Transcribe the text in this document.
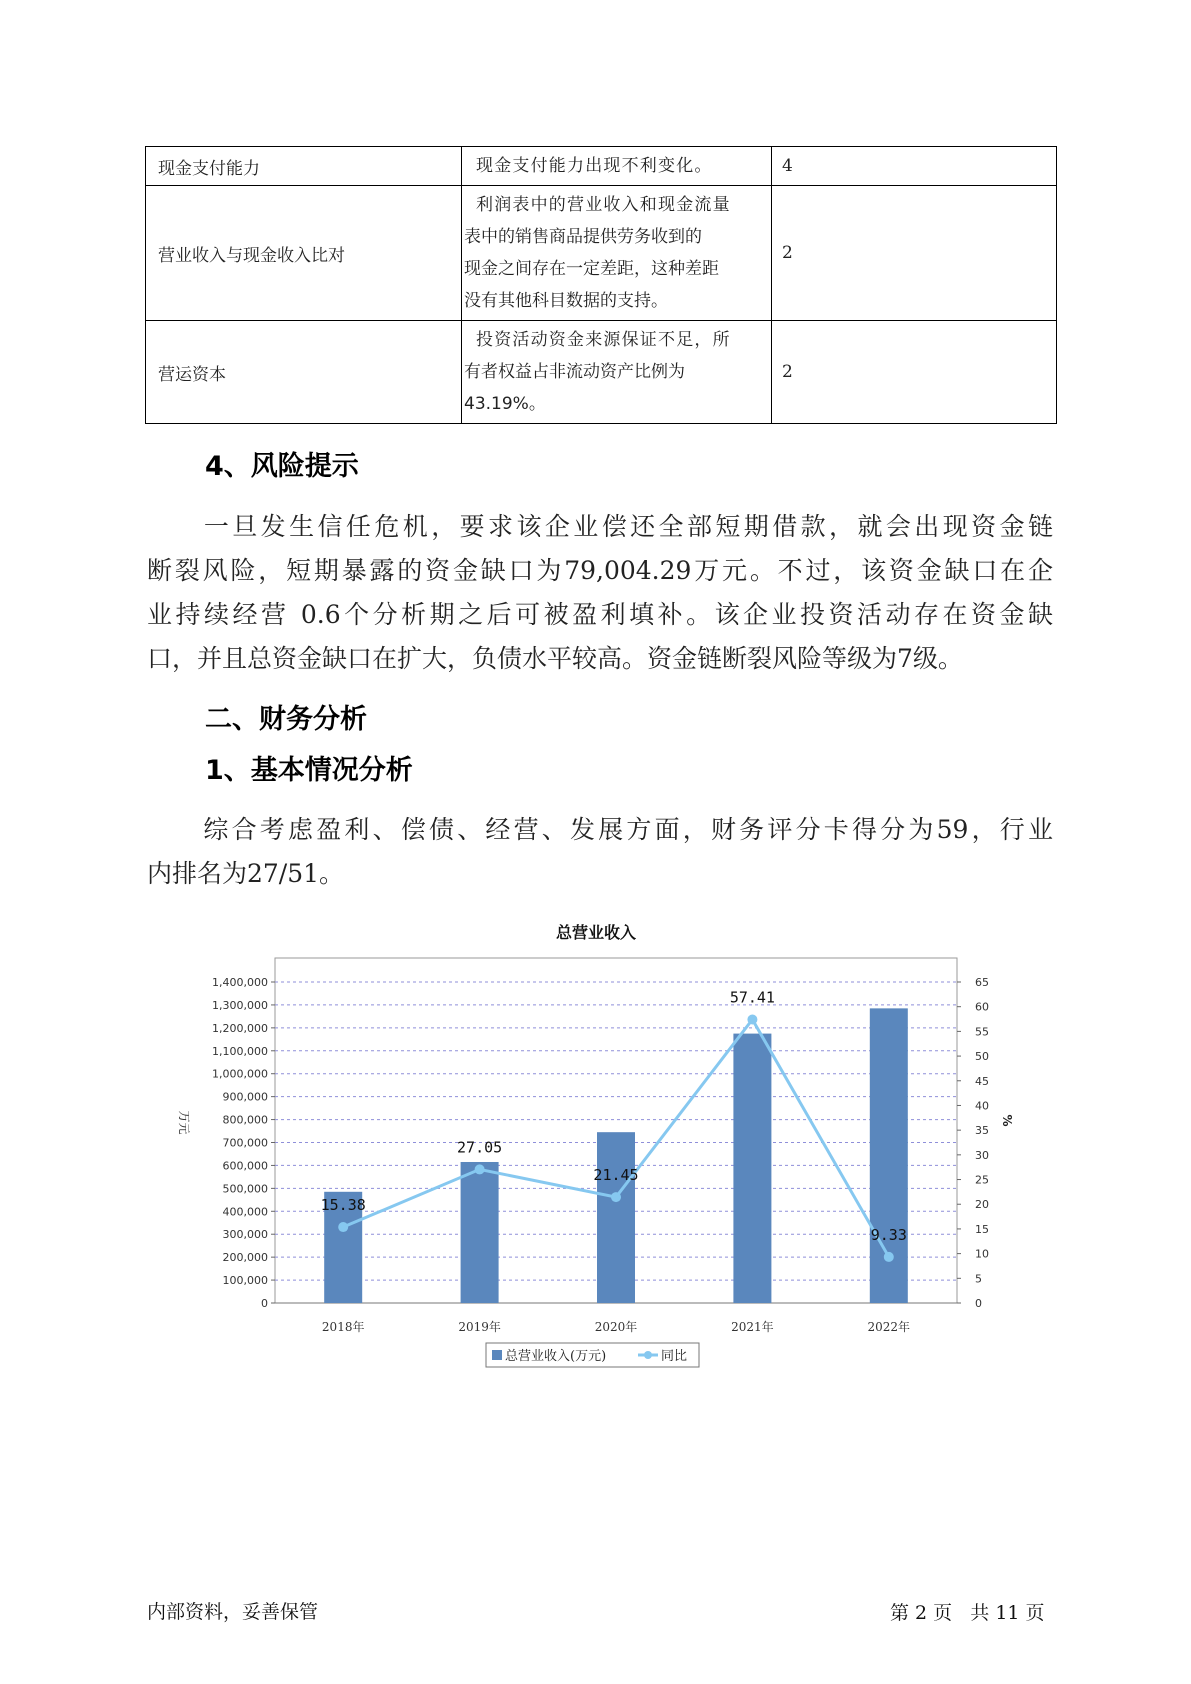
现金支付能力	现金支付能力出现不利变化。	4
营业收入与现金收入比对	利润表中的营业收入和现金流量
表中的销售商品提供劳务收到的
现金之间存在一定差距，这种差距
没有其他科目数据的支持。	2
营运资本	投资活动资金来源保证不足，所
有者权益占非流动资产比例为
43.19%。	2
4、风险提示
　　一旦发生信任危机，要求该企业偿还全部短期借款，就会出现资金链
断裂风险，短期暴露的资金缺口为79,004.29万元。不过，该资金缺口在企
业持续经营 0.6个分析期之后可被盈利填补。该企业投资活动存在资金缺
口，并且总资金缺口在扩大，负债水平较高。资金链断裂风险等级为7级。
二、财务分析
1、基本情况分析
　　综合考虑盈利、偿债、经营、发展方面，财务评分卡得分为59，行业
内排名为27/51。
总营业收入
0
100,000
200,000
300,000
400,000
500,000
600,000
700,000
800,000
900,000
1,000,000
1,100,000
1,200,000
1,300,000
1,400,000
0
5
10
15
20
25
30
35
40
45
50
55
60
65
万元	%
2018年	2019年	2020年	2021年	2022年
15.38
27.05
21.45
57.41
9.33
总营业收入(万元)	同比
内部资料，妥善保管	第 2 页   共 11 页
